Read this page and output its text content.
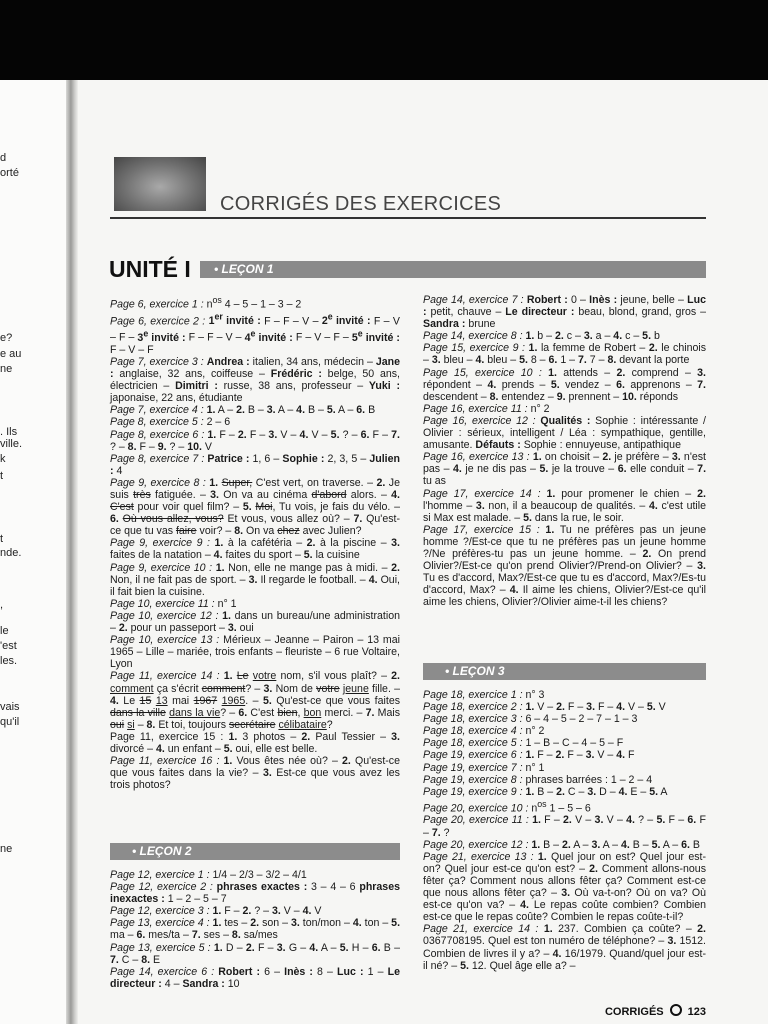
d
orté
e?
e au
ne
. Ils
ville.
k
t
t
nde.
,
le
'est
les.
vais
qu'il
ne
CORRIGÉS DES EXERCICES
UNITÉ I • LEÇON 1

Page 6, exercice 1 : $n^{os}$ 4 – 5 – 1 – 3 – 2

Page 6, exercice 2 : 1er invité : F – F – V – 2e invité : F – V – F – 3e invité : F – F – V – 4e invité : F – V – F – 5e invité : F – V – F

Page 7, exercice 3 : Andrea : italien, 34 ans, médecin – Jane : anglaise, 32 ans, coiffeuse – Frédéric : belge, 50 ans, électricien – Dimitri : russe, 38 ans, professeur – Yuki : japonaise, 22 ans, étudiante

Page 7, exercice 4 : 1. A – 2. B – 3. A – 4. B – 5. A – 6. B

Page 8, exercice 5 : 2 – 6

Page 8, exercice 6 : 1. F – 2. F – 3. V – 4. V – 5. ? – 6. F – 7. ? – 8. F – 9. ? – 10. V

Page 8, exercice 7 : Patrice : 1, 6 – Sophie : 2, 3, 5 – Julien : 4

Page 9, exercice 8 : 1. Super, C'est vert, on traverse. – 2. Je suis très fatiguée. – 3. On va au cinéma d'abord alors. – 4. C'est pour voir quel film? – 5. Moi, Tu vois, je fais du vélo. – 6. Où vous allez, vous? Et vous, vous allez où? – 7. Qu'est-ce que tu vas faire voir? – 8. On va chez avec Julien?

Page 9, exercice 9 : 1. à la cafétéria – 2. à la piscine – 3. faites de la natation – 4. faites du sport – 5. la cuisine

Page 9, exercice 10 : 1. Non, elle ne mange pas à midi. – 2. Non, il ne fait pas de sport. – 3. Il regarde le football. – 4. Oui, il fait bien la cuisine.

Page 10, exercice 11 : n° 1

Page 10, exercice 12 : 1. dans un bureau/une administration – 2. pour un passeport – 3. oui

Page 10, exercice 13 : Mérieux – Jeanne – Pairon – 13 mai 1965 – Lille – mariée, trois enfants – fleuriste – 6 rue Voltaire, Lyon

Page 11, exercice 14 : 1. Le votre nom, s'il vous plaît? – 2. comment ça s'écrit comment? – 3. Nom de votre jeune fille. – 4. Le 15 13 mai 1967 1965. – 5. Qu'est-ce que vous faites dans la ville dans la vie? – 6. C'est bien, bon merci. – 7. Mais oui si – 8. Et toi, toujours secrétaire célibataire?

Page 11, exercice 15 : 1. 3 photos – 2. Paul Tessier – 3. divorcé – 4. un enfant – 5. oui, elle est belle.

Page 11, exercice 16 : 1. Vous êtes née où? – 2. Qu'est-ce que vous faites dans la vie? – 3. Est-ce que vous avez les trois photos?

• LEÇON 2

Page 12, exercice 1 : 1/4 – 2/3 – 3/2 – 4/1

Page 12, exercice 2 : phrases exactes : 3 – 4 – 6 phrases inexactes : 1 – 2 – 5 – 7

Page 12, exercice 3 : 1. F – 2. ? – 3. V – 4. V

Page 13, exercice 4 : 1. tes – 2. son – 3. ton/mon – 4. ton – 5. ma – 6. mes/ta – 7. ses – 8. sa/mes

Page 13, exercice 5 : 1. D – 2. F – 3. G – 4. A – 5. H – 6. B – 7. C – 8. E

Page 14, exercice 6 : Robert : 6 – Inès : 8 – Luc : 1 – Le directeur : 4 – Sandra : 10

Page 14, exercice 7 : Robert : 0 – Inès : jeune, belle – Luc : petit, chauve – Le directeur : beau, blond, grand, gros – Sandra : brune

Page 14, exercice 8 : 1. b – 2. c – 3. a – 4. c – 5. b

Page 15, exercice 9 : 1. la femme de Robert – 2. le chinois – 3. bleu – 4. bleu – 5. 8 – 6. 1 – 7. 7 – 8. devant la porte

Page 15, exercice 10 : 1. attends – 2. comprend – 3. répondent – 4. prends – 5. vendez – 6. apprenons – 7. descendent – 8. entendez – 9. prennent – 10. réponds

Page 16, exercice 11 : n° 2

Page 16, exercice 12 : Qualités : Sophie : intéressante / Olivier : sérieux, intelligent / Léa : sympathique, gentille, amusante. Défauts : Sophie : ennuyeuse, antipathique

Page 16, exercice 13 : 1. on choisit – 2. je préfère – 3. n'est pas – 4. je ne dis pas – 5. je la trouve – 6. elle conduit – 7. tu as

Page 17, exercice 14 : 1. pour promener le chien – 2. l'homme – 3. non, il a beaucoup de qualités. – 4. c'est utile si Max est malade. – 5. dans la rue, le soir.

Page 17, exercice 15 : 1. Tu ne préfères pas un jeune homme ?/Est-ce que tu ne préfères pas un jeune homme ?/Ne préfères-tu pas un jeune homme. – 2. On prend Olivier?/Est-ce qu'on prend Olivier?/Prend-on Olivier? – 3. Tu es d'accord, Max?/Est-ce que tu es d'accord, Max?/Es-tu d'accord, Max? – 4. Il aime les chiens, Olivier?/Est-ce qu'il aime les chiens, Olivier?/Olivier aime-t-il les chiens?

• LEÇON 3

Page 18, exercice 1 : n° 3

Page 18, exercice 2 : 1. V – 2. F – 3. F – 4. V – 5. V

Page 18, exercice 3 : 6 – 4 – 5 – 2 – 7 – 1 – 3

Page 18, exercice 4 : n° 2

Page 18, exercice 5 : 1 – B – C – 4 – 5 – F

Page 19, exercice 6 : 1. F – 2. F – 3. V – 4. F

Page 19, exercice 7 : n° 1

Page 19, exercice 8 : phrases barrées : 1 – 2 – 4

Page 19, exercice 9 : 1. B – 2. C – 3. D – 4. E – 5. A

Page 20, exercice 10 : $n^{os}$ 1 – 5 – 6

Page 20, exercice 11 : 1. F – 2. V – 3. V – 4. ? – 5. F – 6. F – 7. ?

Page 20, exercice 12 : 1. B – 2. A – 3. A – 4. B – 5. A – 6. B

Page 21, exercice 13 : 1. Quel jour on est? Quel jour est-on? Quel jour est-ce qu'on est? – 2. Comment allons-nous fêter ça? Comment nous allons fêter ça? Comment est-ce que nous allons fêter ça? – 3. Où va-t-on? Où on va? Où est-ce qu'on va? – 4. Le repas coûte combien? Combien est-ce que le repas coûte? Combien le repas coûte-t-il?

Page 21, exercice 14 : 1. 237. Combien ça coûte? – 2. 0367708195. Quel est ton numéro de téléphone? – 3. 1512. Combien de livres il y a? – 4. 16/1979. Quand/quel jour est-il né? – 5. 12. Quel âge elle a? –

CORRIGÉS 123
